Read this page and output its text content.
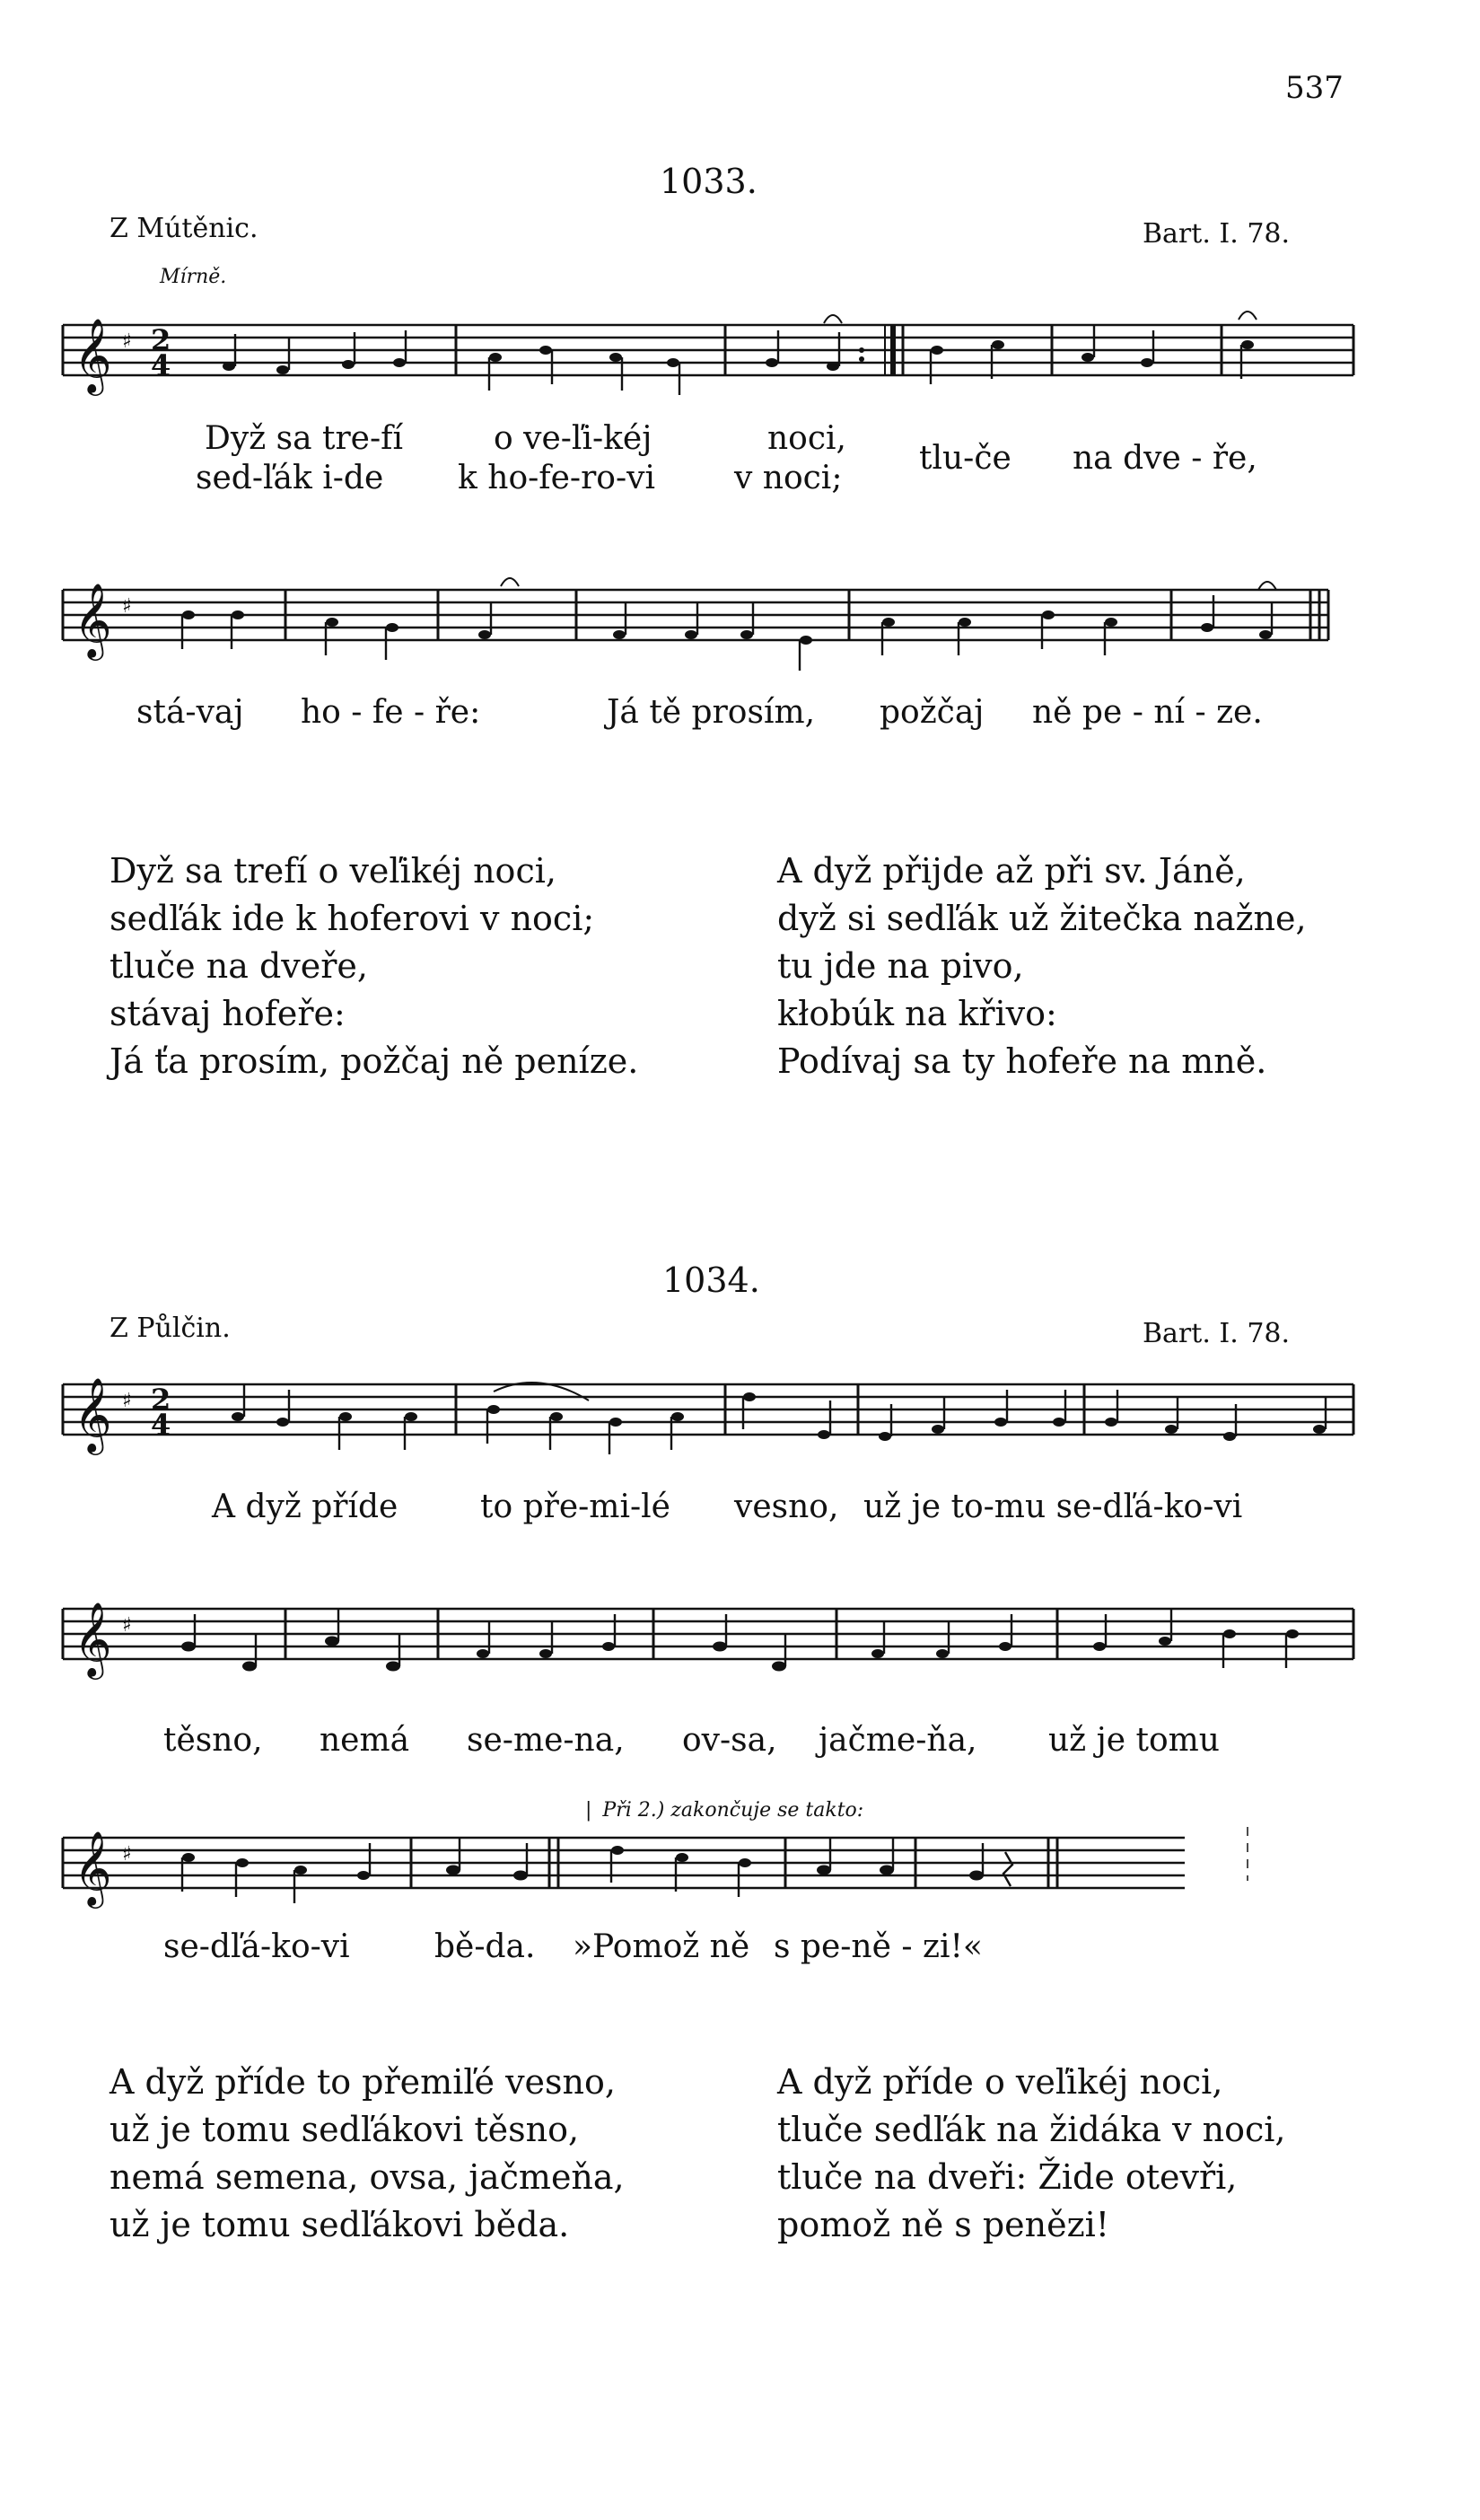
537
1033.
Z Mútěnic.	Bart. I. 78.
Mírně.
𝄞 ♯ 2
4
Dyž sa tre-fí	o ve-ľi-kéj	noci,
sed-ľák i-de k ho-fe-ro-vi v noci;
tlu-če na dve - ře,
𝄞 ♯
stá-vaj ho - fe - ře:	Já tě prosím, požčaj ně pe - ní - ze.
Dyž sa trefí o veľikéj noci,
sedľák ide k hoferovi v noci;
tluče na dveře,
stávaj hofeře:
Já ťa prosím, požčaj ně peníze.
A dyž přijde až při sv. Jáně,
dyž si sedľák už žitečka nažne,
tu jde na pivo,
kłobúk na křivo:
Podívaj sa ty hofeře na mně.
1034.
Z Půlčin.	Bart. I. 78.
𝄞 ♯ 2
4
A dyž příde	to pře-mi-lé vesno, už je to-mu se-dľá-ko-vi
𝄞 ♯
těsno, nemá se-me-na, ov-sa, jačme-ňa, už je tomu
| Při 2.) zakončuje se takto:
𝄞 ♯
se-dľá-ko-vi	bě-da. »Pomož ně s pe-ně - zi!«
A dyž příde to přemiľé vesno,
už je tomu sedľákovi těsno,
nemá semena, ovsa, jačmeňa,
už je tomu sedľákovi běda.
A dyž příde o veľikéj noci,
tluče sedľák na židáka v noci,
tluče na dveři: Žide otevři,
pomož ně s penězi!
